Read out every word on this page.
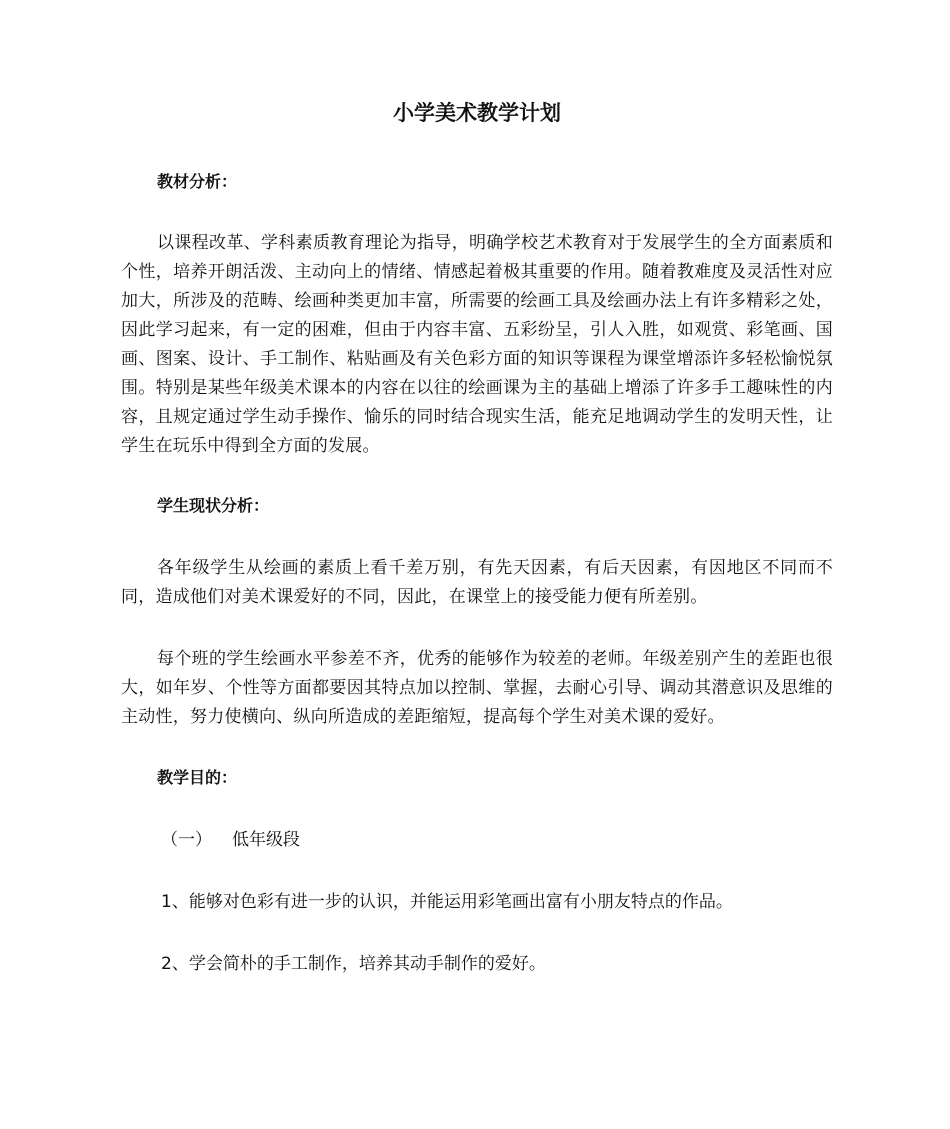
小学美术教学计划

教材分析：

以课程改革、学科素质教育理论为指导，明确学校艺术教育对于发展学生的全方面素质和个性，培养开朗活泼、主动向上的情绪、情感起着极其重要的作用。随着教难度及灵活性对应加大，所涉及的范畴、绘画种类更加丰富，所需要的绘画工具及绘画办法上有许多精彩之处，因此学习起来，有一定的困难，但由于内容丰富、五彩纷呈，引人入胜，如观赏、彩笔画、国画、图案、设计、手工制作、粘贴画及有关色彩方面的知识等课程为课堂增添许多轻松愉悦氛围。特别是某些年级美术课本的内容在以往的绘画课为主的基础上增添了许多手工趣味性的内容，且规定通过学生动手操作、愉乐的同时结合现实生活，能充足地调动学生的发明天性，让学生在玩乐中得到全方面的发展。

学生现状分析：

各年级学生从绘画的素质上看千差万别，有先天因素，有后天因素，有因地区不同而不同，造成他们对美术课爱好的不同，因此，在课堂上的接受能力便有所差别。

每个班的学生绘画水平参差不齐，优秀的能够作为较差的老师。年级差别产生的差距也很大，如年岁、个性等方面都要因其特点加以控制、掌握，去耐心引导、调动其潜意识及思维的主动性，努力使横向、纵向所造成的差距缩短，提高每个学生对美术课的爱好。

教学目的：

（一） 低年级段

1、能够对色彩有进一步的认识，并能运用彩笔画出富有小朋友特点的作品。

2、学会简朴的手工制作，培养其动手制作的爱好。
